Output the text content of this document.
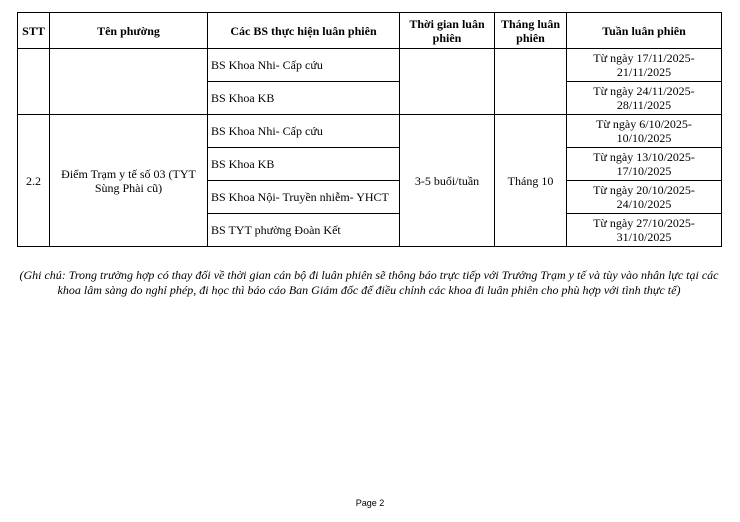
STT	Tên phường	Các BS thực hiện luân phiên	Thời gian luân phiên	Tháng luân phiên	Tuần luân phiên
		BS Khoa Nhi- Cấp cứu			Từ ngày 17/11/2025-21/11/2025
		BS Khoa KB			Từ ngày 24/11/2025-28/11/2025
2.2	Điểm Trạm y tế số 03 (TYT Sùng Phài cũ)	BS Khoa Nhi- Cấp cứu	3-5 buổi/tuần	Tháng 10	Từ ngày 6/10/2025-10/10/2025
		BS Khoa KB			Từ ngày 13/10/2025-17/10/2025
		BS Khoa Nội- Truyền nhiễm- YHCT			Từ ngày 20/10/2025-24/10/2025
		BS TYT phường Đoàn Kết			Từ ngày 27/10/2025-31/10/2025
(Ghi chú: Trong trường hợp có thay đổi về thời gian cán bộ đi luân phiên sẽ thông báo trực tiếp với Trưởng Trạm y tế và tùy vào nhân lực tại các khoa lâm sàng do nghỉ phép, đi học thì báo cáo Ban Giám đốc để điều chỉnh các khoa đi luân phiên cho phù hợp với tình thực tế)
Page 2
